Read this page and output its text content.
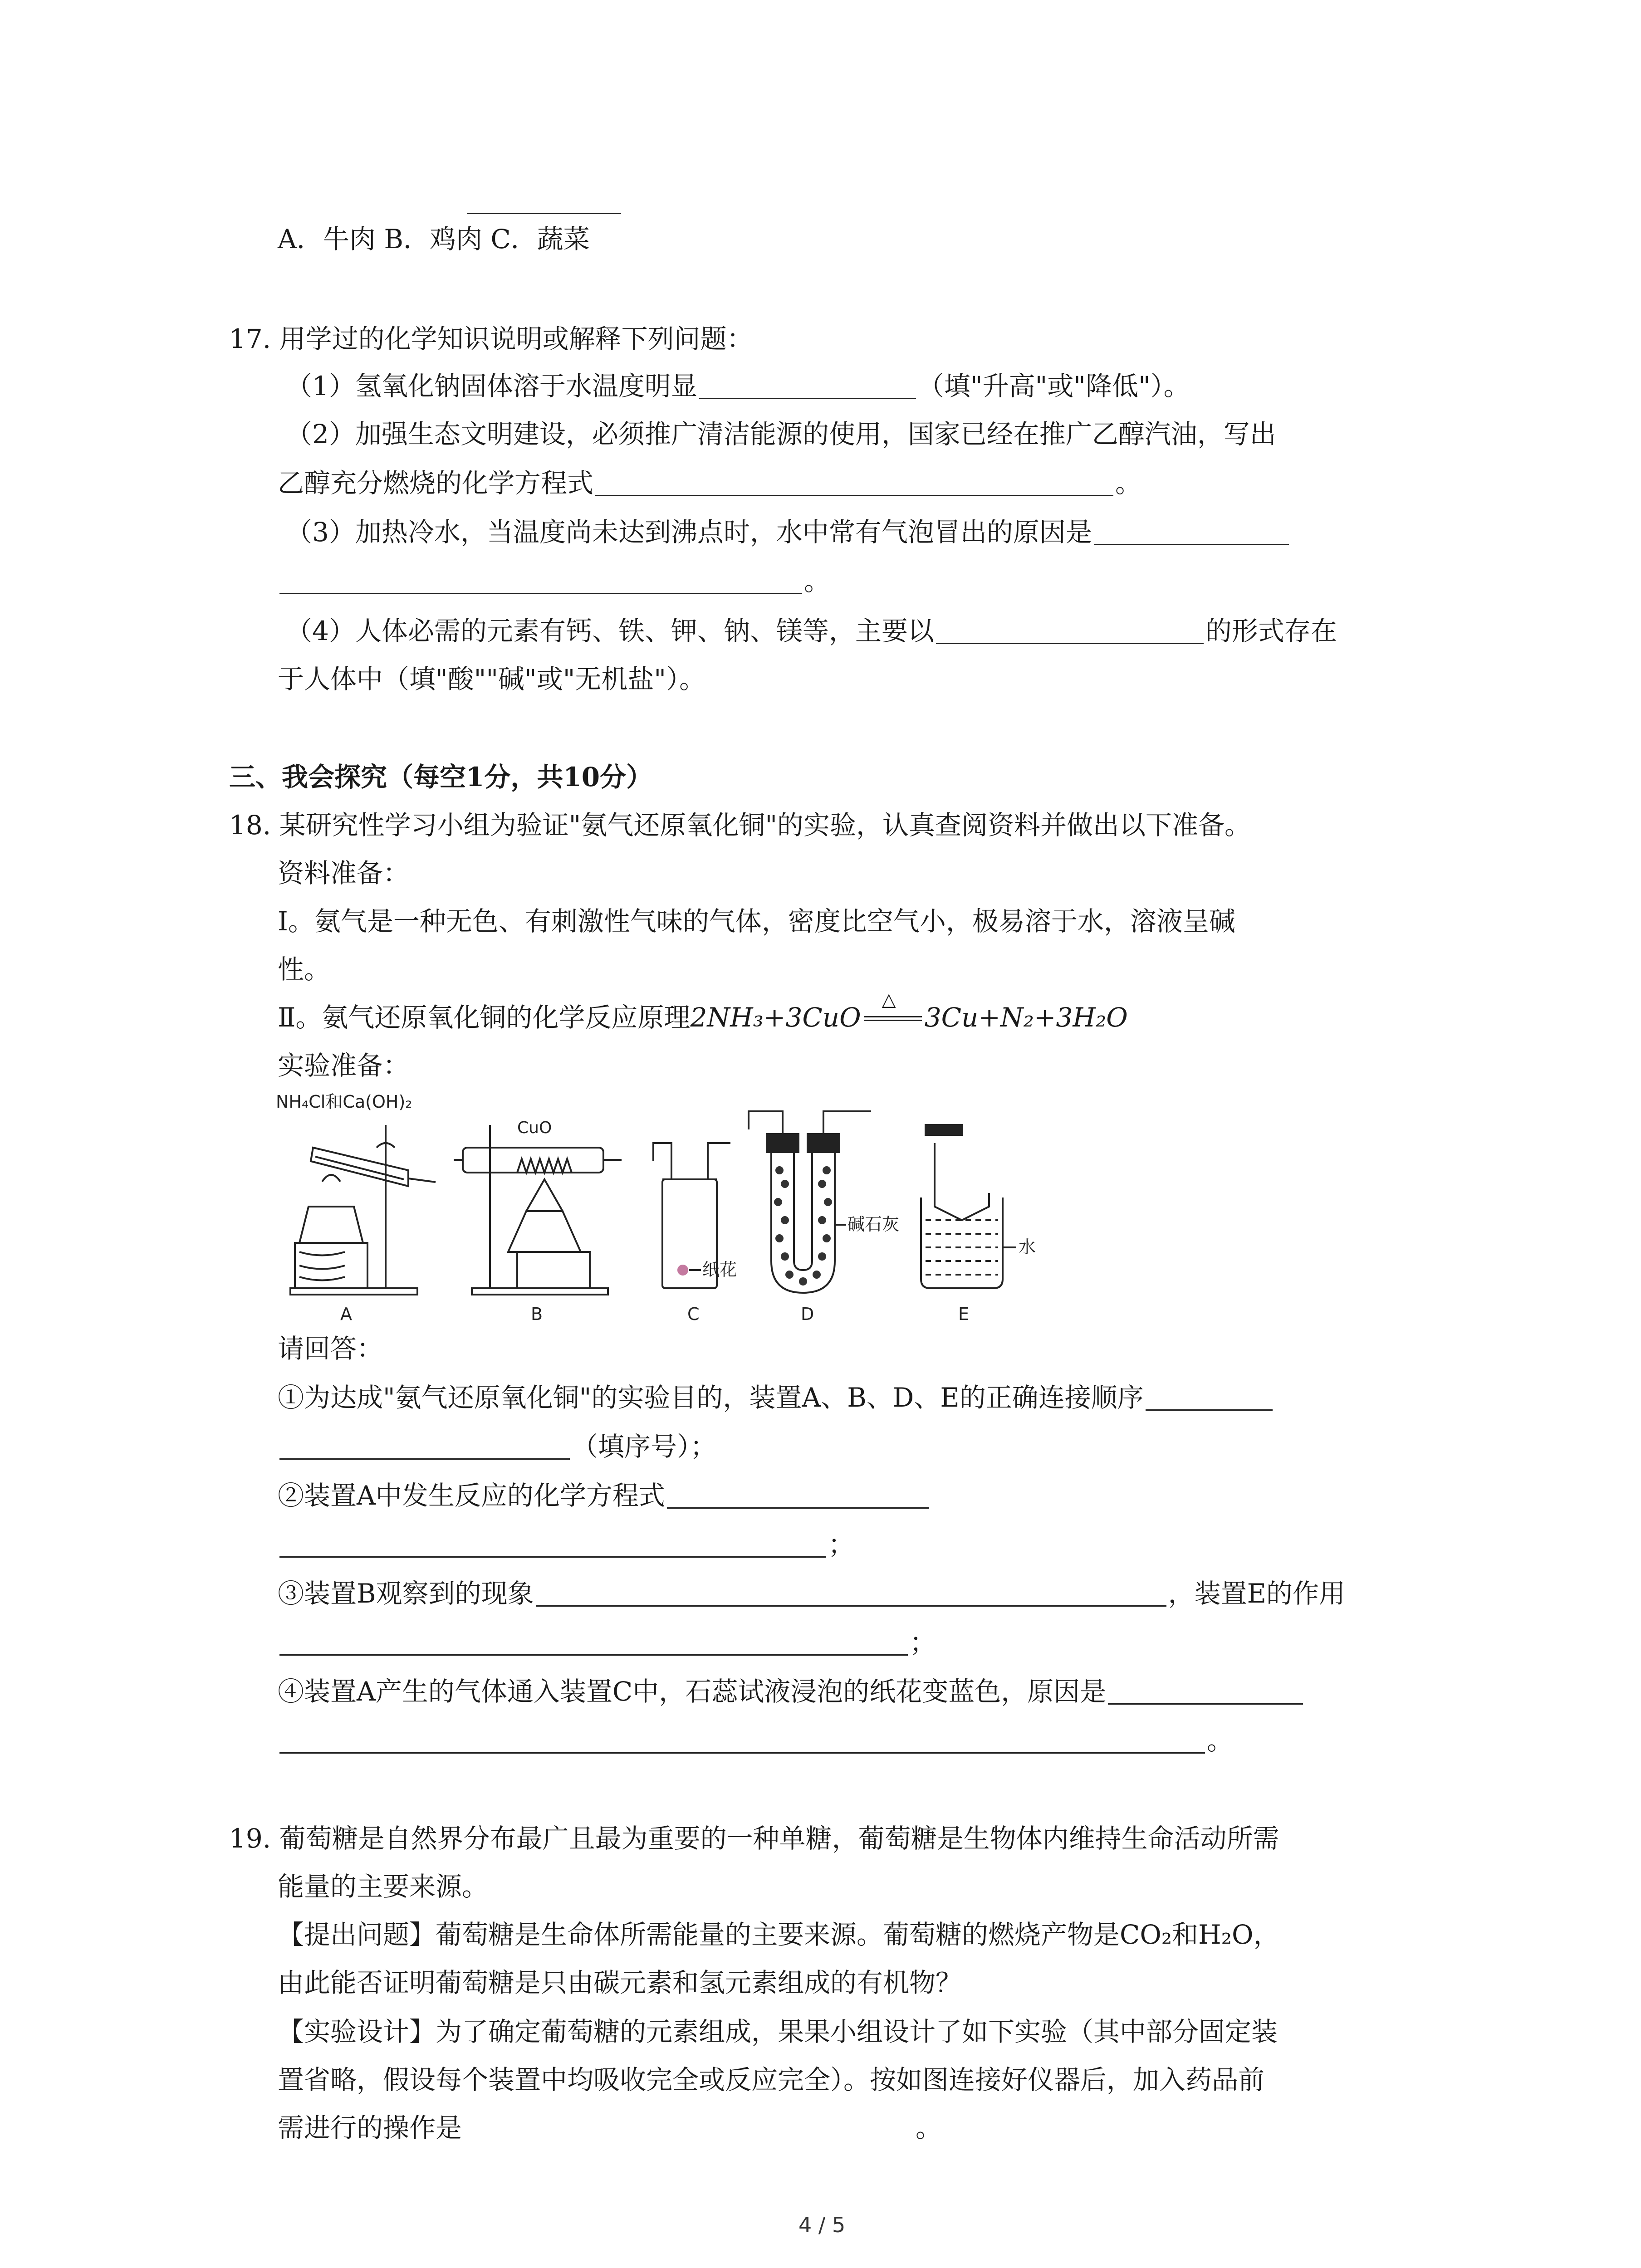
A．牛肉 B．鸡肉 C．蔬菜
17. 用学过的化学知识说明或解释下列问题：
（1）氢氧化钠固体溶于水温度明显	（填"升高"或"降低"）。
（2）加强生态文明建设，必须推广清洁能源的使用，国家已经在推广乙醇汽油，写出
乙醇充分燃烧的化学方程式	。
（3）加热冷水，当温度尚未达到沸点时，水中常有气泡冒出的原因是
。
（4）人体必需的元素有钙、铁、钾、钠、镁等，主要以	的形式存在
于人体中（填"酸""碱"或"无机盐"）。
三、我会探究（每空1分，共10分）
18. 某研究性学习小组为验证"氨气还原氧化铜"的实验，认真查阅资料并做出以下准备。
资料准备：
Ⅰ。氨气是一种无色、有刺激性气味的气体，密度比空气小，极易溶于水，溶液呈碱
性。
Ⅱ。氨气还原氧化铜的化学反应原理2NH₃+3CuO
△
3Cu+N₂+3H₂O
实验准备：
NH₄Cl和Ca(OH)₂
CuO
纸花
碱石灰
水
A	B	C	D	E
请回答：
①为达成"氨气还原氧化铜"的实验目的，装置A、B、D、E的正确连接顺序
（填序号）；
②装置A中发生反应的化学方程式
；
③装置B观察到的现象	，装置E的作用
；
④装置A产生的气体通入装置C中，石蕊试液浸泡的纸花变蓝色，原因是
。
19. 葡萄糖是自然界分布最广且最为重要的一种单糖，葡萄糖是生物体内维持生命活动所需
能量的主要来源。
【提出问题】葡萄糖是生命体所需能量的主要来源。葡萄糖的燃烧产物是CO₂和H₂O，
由此能否证明葡萄糖是只由碳元素和氢元素组成的有机物？
【实验设计】为了确定葡萄糖的元素组成，果果小组设计了如下实验（其中部分固定装
置省略，假设每个装置中均吸收完全或反应完全）。按如图连接好仪器后，加入药品前
需进行的操作是	。
4 / 5
